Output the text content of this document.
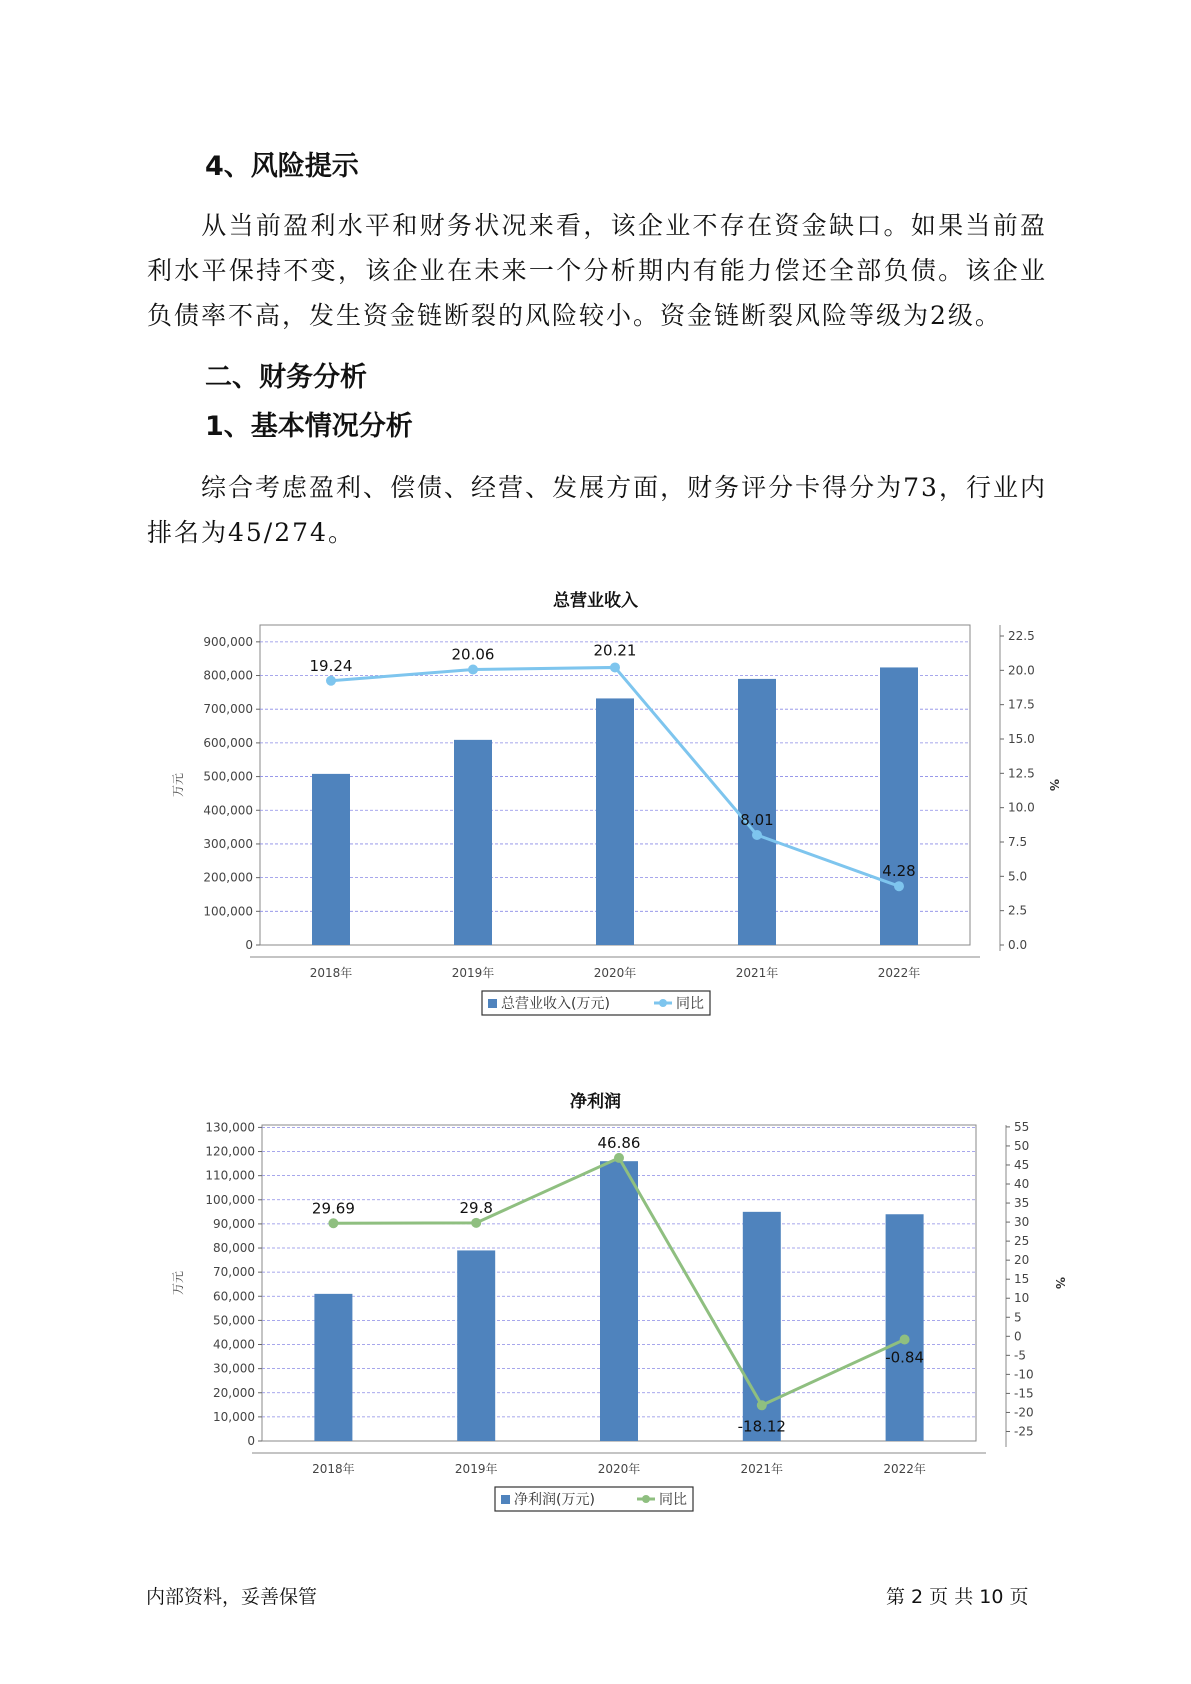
4、风险提示
从当前盈利水平和财务状况来看，该企业不存在资金缺口。如果当前盈利水平保持不变，该企业在未来一个分析期内有能力偿还全部负债。该企业负债率不高，发生资金链断裂的风险较小。资金链断裂风险等级为2级。
二、财务分析
1、基本情况分析
综合考虑盈利、偿债、经营、发展方面，财务评分卡得分为73，行业内排名为45/274。
总营业收入
0
100,000
200,000
300,000
400,000
500,000
600,000
700,000
800,000
900,000
0.0
2.5
5.0
7.5
10.0
12.5
15.0
17.5
20.0
22.5
万元	%
2018年	2019年	2020年	2021年	2022年
19.24
20.06	20.21
8.01
4.28
总营业收入(万元)	同比
净利润
0
10,000
20,000
30,000
40,000
50,000
60,000
70,000
80,000
90,000
100,000
110,000
120,000
130,000
-25
-20
-15
-10
-5
0
5
10
15
20
25
30
35
40
45
50
55
万元	%
2018年	2019年	2020年	2021年	2022年
29.69	29.8
46.86
-18.12
-0.84
净利润(万元)	同比
内部资料，妥善保管	第 2 页 共 10 页
